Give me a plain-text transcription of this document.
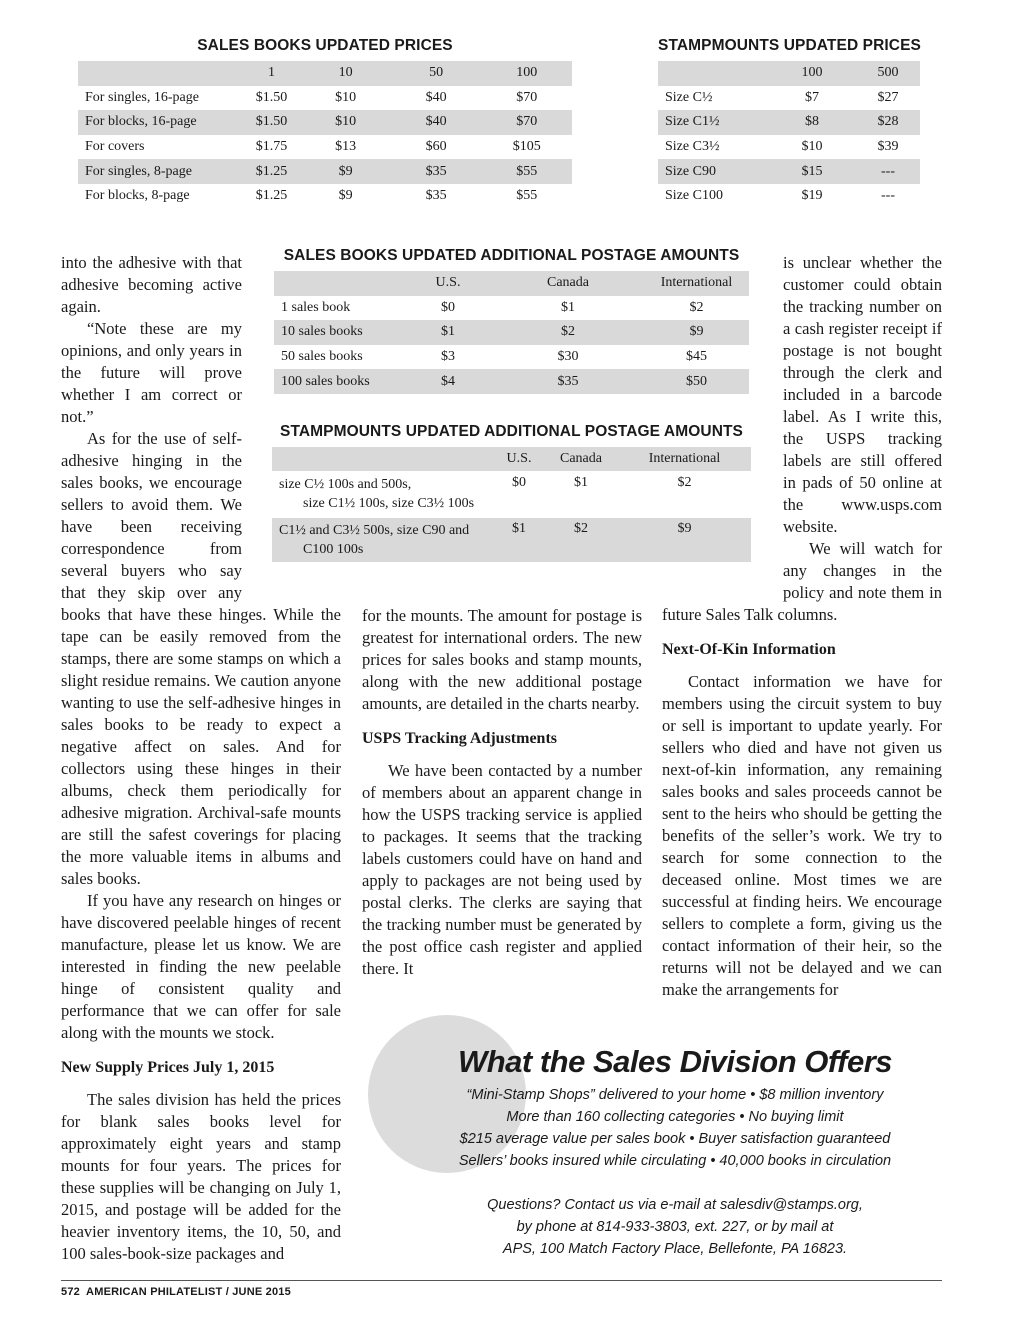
SALES BOOKS UPDATED PRICES
	1	10	50	100
For singles, 16-page	$1.50	$10	$40	$70
For blocks, 16-page	$1.50	$10	$40	$70
For covers	$1.75	$13	$60	$105
For singles, 8-page	$1.25	$9	$35	$55
For blocks, 8-page	$1.25	$9	$35	$55
STAMPMOUNTS UPDATED PRICES
	100	500
Size C½	$7	$27
Size C1½	$8	$28
Size C3½	$10	$39
Size C90	$15	---
Size C100	$19	---
SALES BOOKS UPDATED ADDITIONAL POSTAGE AMOUNTS
	U.S.	Canada	International
1 sales book	$0	$1	$2
10 sales books	$1	$2	$9
50 sales books	$3	$30	$45
100 sales books	$4	$35	$50
STAMPMOUNTS UPDATED ADDITIONAL POSTAGE AMOUNTS
	U.S.	Canada	International

size C½ 100s and 500s,
size C1½ 100s, size C3½ 100s	$0	$1	$2

C1½ and C3½ 500s, size C90 and
C100 100s	$1	$2	$9

into the adhesive with that adhesive becoming active again.

“Note these are my opinions, and only years in the future will prove whether I am correct or not.”

As for the use of self-adhesive hinging in the sales books, we encourage sellers to avoid them. We have been receiving correspondence from several buyers who say that they skip over any books that have these hinges. While the tape can be easily removed from the stamps, there are some stamps on which a slight residue remains. We caution anyone wanting to use the self-adhesive hinges in sales books to be ready to expect a negative affect on sales. And for collectors using these hinges in their albums, check them periodically for adhesive migration. Archival-safe mounts are still the safest coverings for placing the more valuable items in albums and sales books.

If you have any research on hinges or have discovered peelable hinges of recent manufacture, please let us know. We are interested in finding the new peelable hinge of consistent quality and performance that we can offer for sale along with the mounts we stock.

New Supply Prices July 1, 2015

The sales division has held the prices for blank sales books level for approximately eight years and stamp mounts for four years. The prices for these supplies will be changing on July 1, 2015, and postage will be added for the heavier inventory items, the 10, 50, and 100 sales-book-size packages and

for the mounts. The amount for postage is greatest for international orders. The new prices for sales books and stamp mounts, along with the new additional postage amounts, are detailed in the charts nearby.

USPS Tracking Adjustments

We have been contacted by a number of members about an apparent change in how the USPS tracking service is applied to packages. It seems that the tracking labels customers could have on hand and apply to packages are not being used by postal clerks. The clerks are saying that the tracking number must be generated by the post office cash register and applied there. It

is unclear whether the customer could obtain the tracking number on a cash register receipt if postage is not bought through the clerk and included in a barcode label. As I write this, the USPS tracking labels are still offered in pads of 50 online at the www.usps.com website.

We will watch for any changes in the policy and note them in future Sales Talk columns.

Next-Of-Kin Information

Contact information we have for members using the circuit system to buy or sell is important to update yearly. For sellers who died and have not given us next-of-kin information, any remaining sales books and sales proceeds cannot be sent to the heirs who should be getting the benefits of the seller’s work. We try to search for some connection to the deceased online. Most times we are successful at finding heirs. We encourage sellers to complete a form, giving us the contact information of their heir, so the returns will not be delayed and we can make the arrangements for

What the Sales Division Offers
“Mini-Stamp Shops” delivered to your home • $8 million inventory
More than 160 collecting categories • No buying limit
$215 average value per sales book • Buyer satisfaction guaranteed
Sellers’ books insured while circulating • 40,000 books in circulation
Questions? Contact us via e-mail at salesdiv@stamps.org,
by phone at 814-933-3803, ext. 227, or by mail at
APS, 100 Match Factory Place, Bellefonte, PA 16823.
572  AMERICAN PHILATELIST / JUNE 2015
